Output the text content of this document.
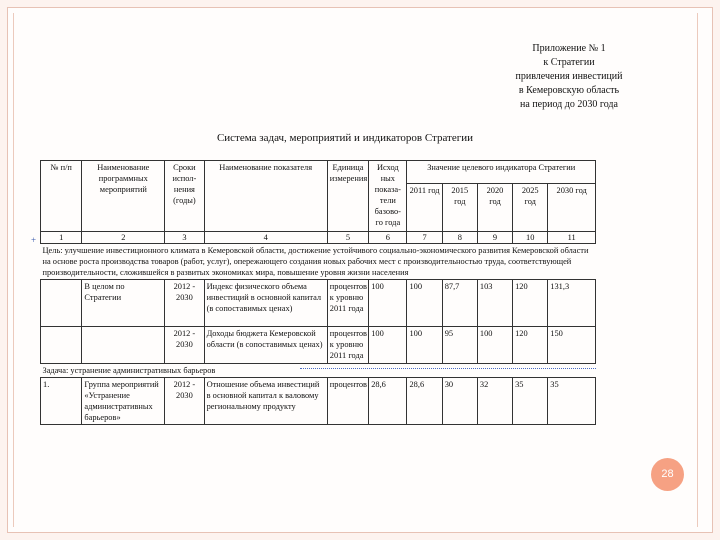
Приложение № 1
к Стратегии
привлечения инвестиций
в Кемеровскую область
на период до 2030 года
Система задач, мероприятий и индикаторов Стратегии
+
№ п/п	Наименование программных мероприятий	Сроки испол- нения (годы)	Наименование показателя	Единица измерения	Исход ных показа- тели базово- го года	Значение целевого индикатора Стратегии				
						2011 год	2015 год	2020 год	2025 год	2030 год
1	2	3	4	5	6	7	8	9	10	11
Цель: улучшение инвестиционного климата в Кемеровской области, достижение устойчивого социально-экономического развития Кемеровской области на основе роста производства товаров (работ, услуг), опережающего создания новых рабочих мест с производительностью труда, соответствующей производительности, сложившейся в развитых экономиках мира, повышение уровня жизни населения										
	В целом по Стратегии	2012 - 2030	Индекс физического объема инвестиций в основной капитал (в сопоставимых ценах)	процентов к уровню 2011 года	100	100	87,7	103	120	131,3
		2012 - 2030	Доходы бюджета Кемеровской области (в сопоставимых ценах)	процентов к уровню 2011 года	100	100	95	100	120	150
Задача: устранение административных барьеров										
1.	Группа мероприятий «Устранение административных барьеров»	2012 - 2030	Отношение объема инвестиций в основной капитал к валовому региональному продукту	процентов	28,6	28,6	30	32	35	35
28
